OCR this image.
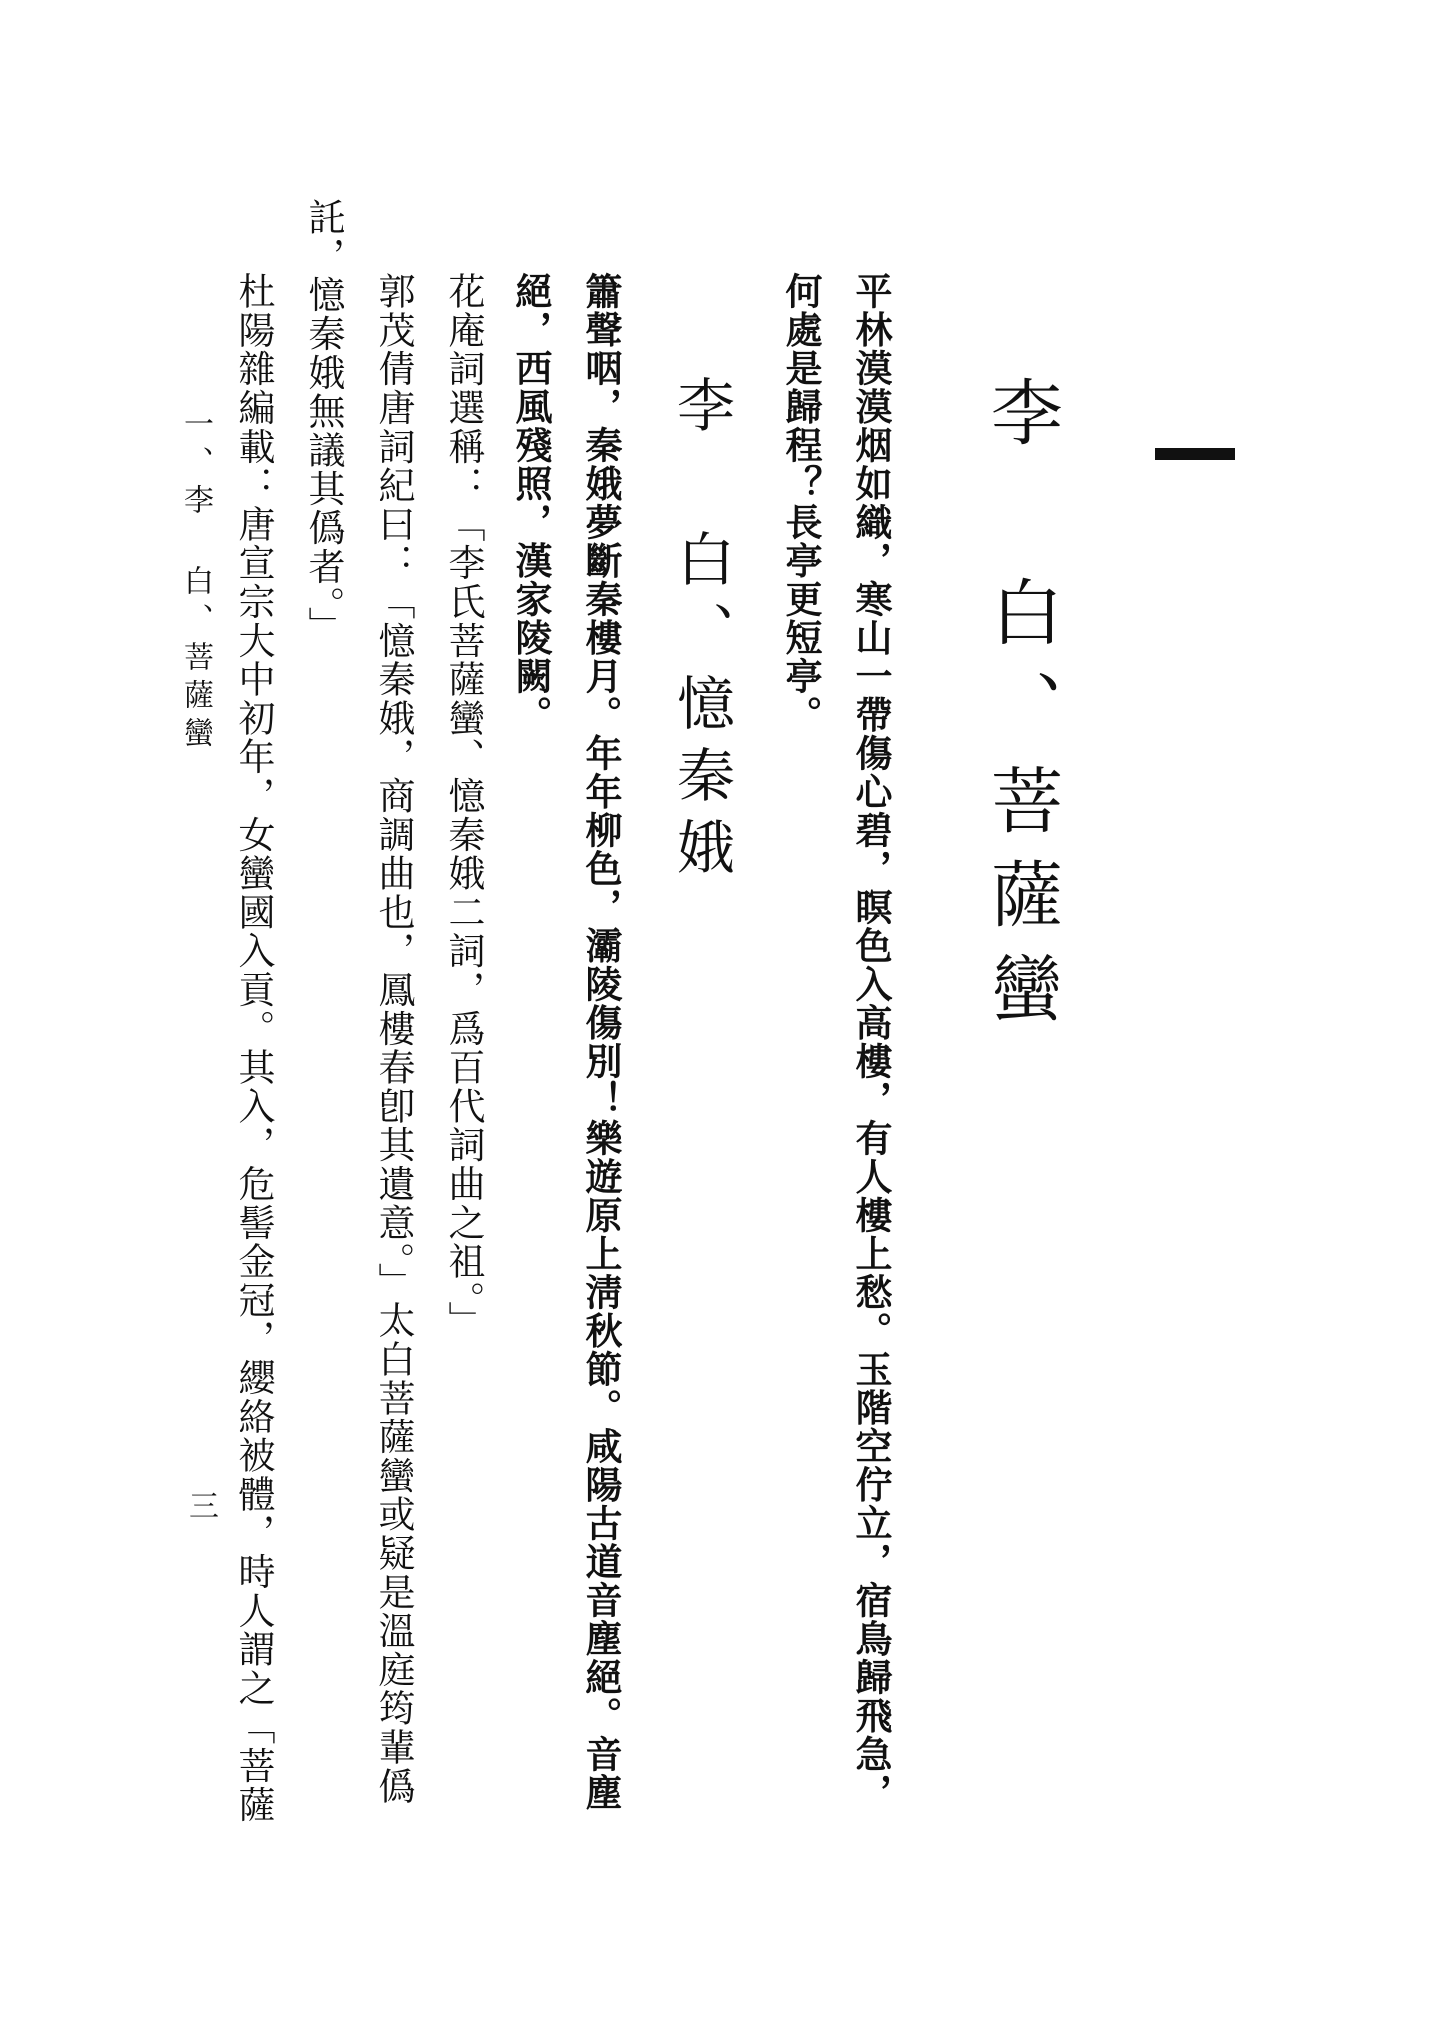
李 白、菩薩蠻
平林漠漠烟如織，寒山一帶傷心碧，瞑色入高樓，有人樓上愁。玉階空佇立，宿鳥歸飛急，
何處是歸程？長亭更短亭。
李 白、憶秦娥
簫聲咽，秦娥夢斷秦樓月。年年柳色，灞陵傷別！樂遊原上淸秋節。咸陽古道音塵絕。音塵
絕，西風殘照，漢家陵闕。
花庵詞選稱：「李氏菩薩蠻、憶秦娥二詞，爲百代詞曲之祖。」
郭茂倩唐詞紀曰：「憶秦娥，商調曲也，鳳樓春卽其遺意。」太白菩薩蠻或疑是溫庭筠輩僞
託，憶秦娥無議其僞者。」
杜陽雜編載：唐宣宗大中初年，女蠻國入貢。其入，危髻金冠，纓絡被體，時人謂之「菩薩
一、李 白、菩薩蠻
三
